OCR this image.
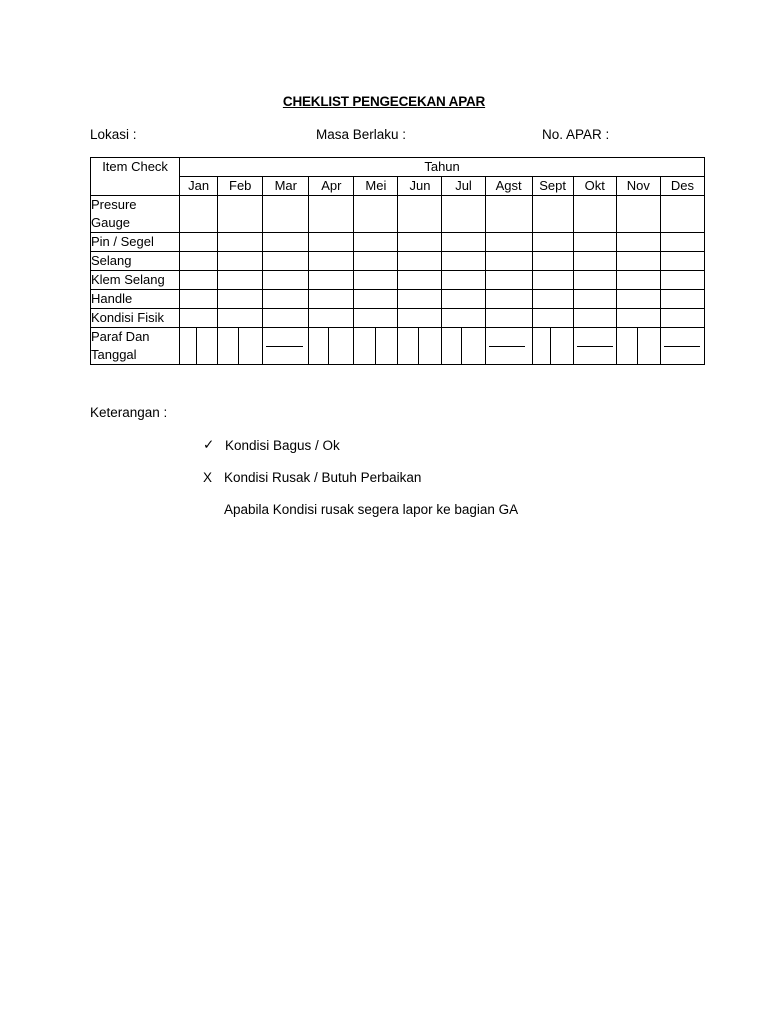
CHEKLIST PENGECEKAN APAR
Lokasi :	Masa Berlaku :	No. APAR :
Item Check	Tahun											
	Jan	Feb	Mar	Apr	Mei	Jun	Jul	Agst	Sept	Okt	Nov	Des
Presure Gauge												
Pin / Segel												
Selang												
Klem Selang												
Handle												
Kondisi Fisik												
Paraf Dan Tanggal	

Keterangan :
✓ Kondisi Bagus / Ok
X Kondisi Rusak / Butuh Perbaikan
Apabila Kondisi rusak segera lapor ke bagian GA
